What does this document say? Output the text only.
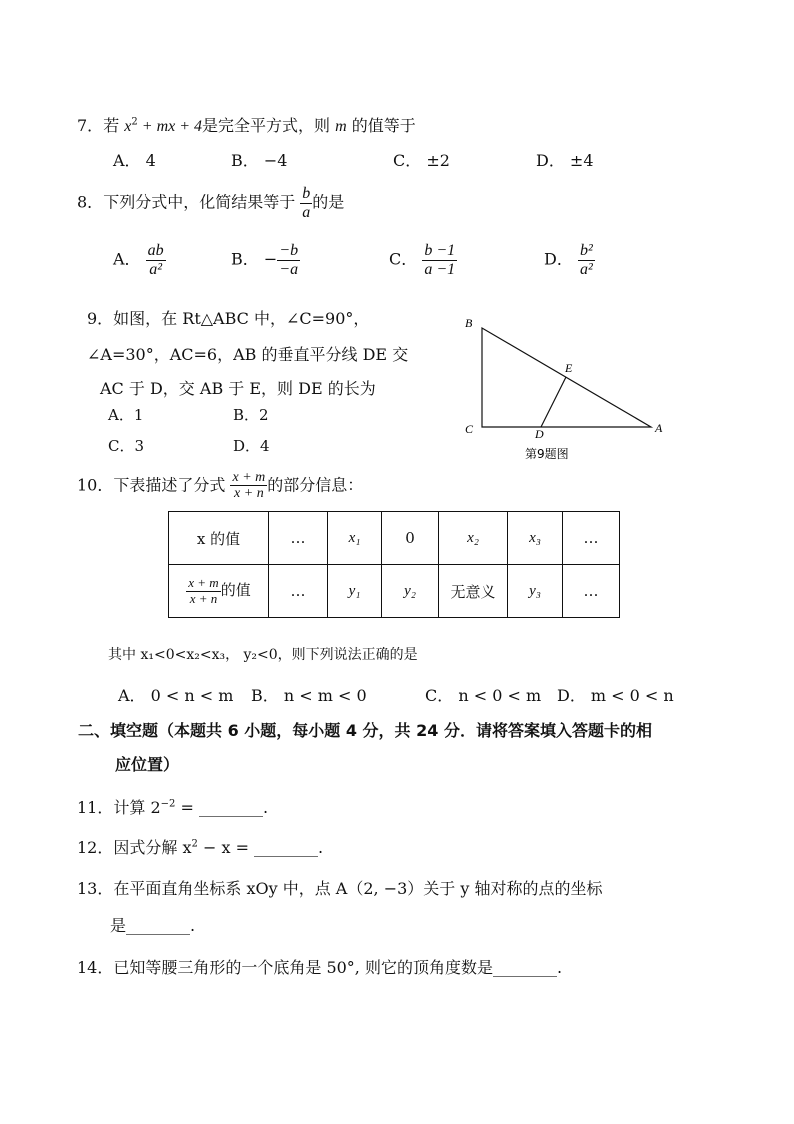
7．若 $x^2$ + mx + 4是完全平方式，则 m 的值等于
A． 4	B． −4	C． ±2	D． ±4
8．下列分式中，化简结果等于 $\frac{b}{a}$ 的是
A． $\frac{ab}{\text{a²}}$	B． − $\frac{-b}{-a}$	C． $\frac{b -1}{a -1}$	D． $\frac{\text{b²}}{\text{a²}}$
9．如图，在 Rt△ABC 中，∠C=90°，
∠A=30°，AC=6，AB 的垂直平分线 DE 交
AC 于 D，交 AB 于 E，则 DE 的长为
A．1	B．2
C．3	D．4
B
E
C	D	A
第9题图
10．下表描述了分式 $\frac{x + m}{x + n}$ 的部分信息：
x 的值	…	x₁	0	x₂	x₃	…

$\frac{x + m}{x + n}$ 的值	…	y₁	y₂	无意义	y₃	…
其中 x₁<0<x₂<x₃， y₂<0，则下列说法正确的是
A． 0 < n < m B． n < m < 0	C． n < 0 < m D． m < 0 < n
二、填空题（本题共 6 小题，每小题 4 分，共 24 分．请将答案填入答题卡的相
应位置）
11．计算 $2^{-2}$ = ________.
12．因式分解 $x^2 - x$ = ________.
13．在平面直角坐标系 xOy 中，点 A（2, −3）关于 y 轴对称的点的坐标
是________.
14．已知等腰三角形的一个底角是 50°, 则它的顶角度数是________.
